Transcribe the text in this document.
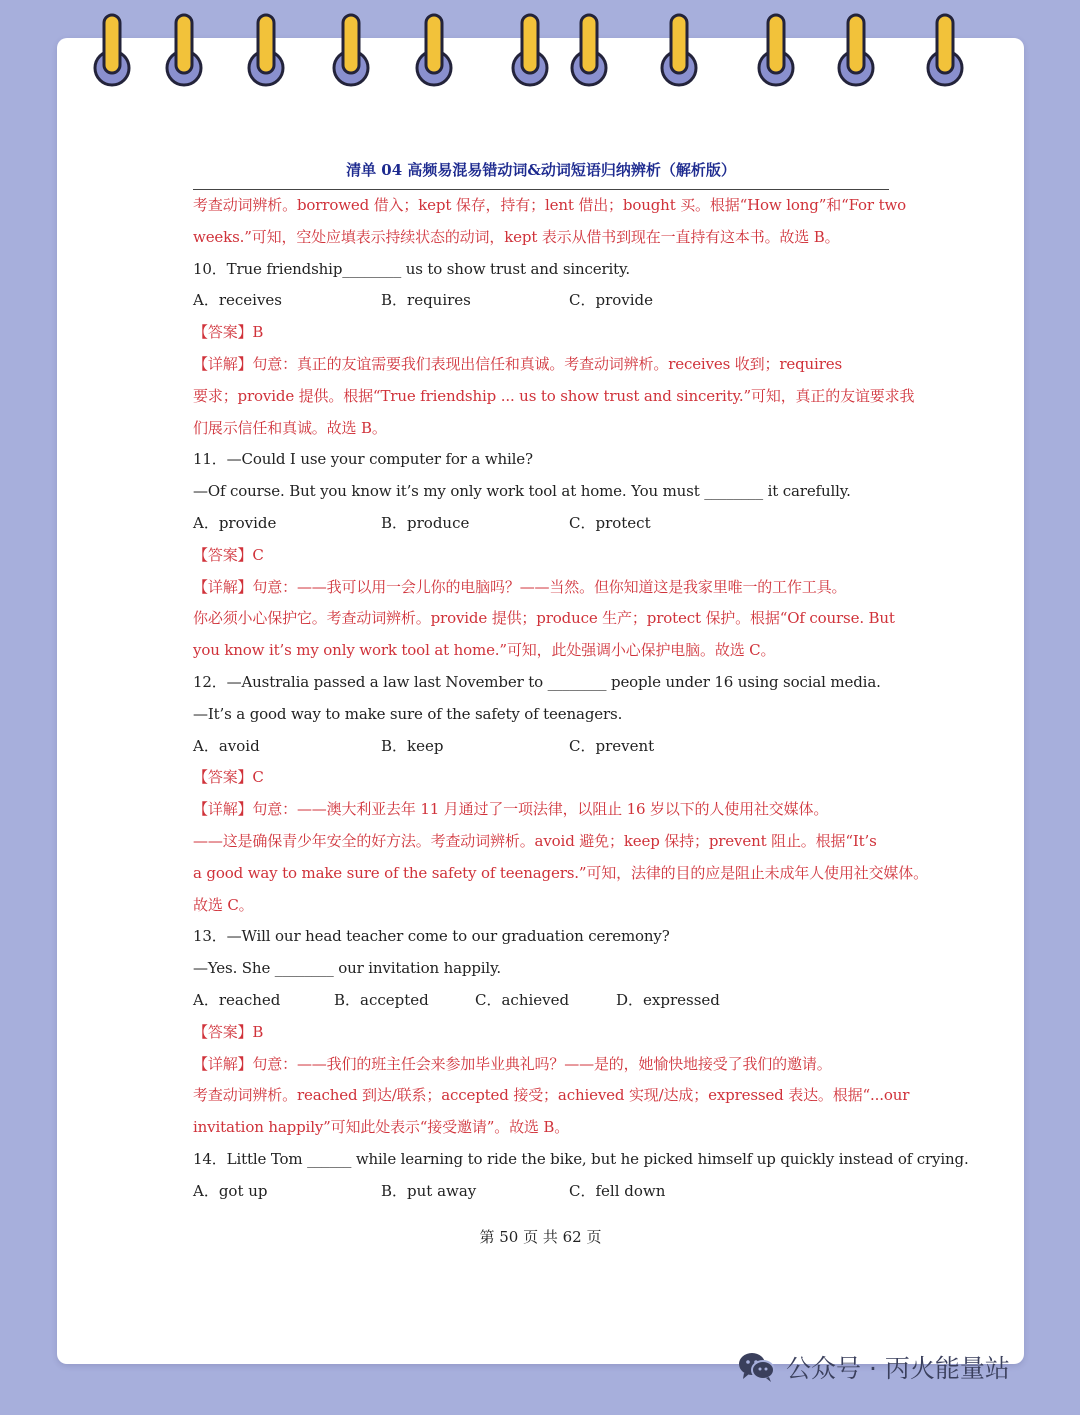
清单 04 高频易混易错动词&动词短语归纳辨析（解析版）
考查动词辨析。borrowed 借入；kept 保存，持有；lent 借出；bought 买。根据“How long”和“For two
weeks.”可知，空处应填表示持续状态的动词，kept 表示从借书到现在一直持有这本书。故选 B。
10．True friendship________ us to show trust and sincerity.
A．receives	B．requires	C．provide
【答案】B
【详解】句意：真正的友谊需要我们表现出信任和真诚。考查动词辨析。receives 收到；requires
要求；provide 提供。根据“True friendship ... us to show trust and sincerity.”可知，真正的友谊要求我
们展示信任和真诚。故选 B。
11．—Could I use your computer for a while?
—Of course. But you know it’s my only work tool at home. You must ________ it carefully.
A．provide	B．produce	C．protect
【答案】C
【详解】句意：——我可以用一会儿你的电脑吗？——当然。但你知道这是我家里唯一的工作工具。
你必须小心保护它。考查动词辨析。provide 提供；produce 生产；protect 保护。根据“Of course. But
you know it’s my only work tool at home.”可知，此处强调小心保护电脑。故选 C。
12．—Australia passed a law last November to ________ people under 16 using social media.
—It’s a good way to make sure of the safety of teenagers.
A．avoid	B．keep	C．prevent
【答案】C
【详解】句意：——澳大利亚去年 11 月通过了一项法律，以阻止 16 岁以下的人使用社交媒体。
——这是确保青少年安全的好方法。考查动词辨析。avoid 避免；keep 保持；prevent 阻止。根据“It’s
a good way to make sure of the safety of teenagers.”可知，法律的目的应是阻止未成年人使用社交媒体。
故选 C。
13．—Will our head teacher come to our graduation ceremony?
—Yes. She ________ our invitation happily.
A．reached	B．accepted	C．achieved	D．expressed
【答案】B
【详解】句意：——我们的班主任会来参加毕业典礼吗？——是的，她愉快地接受了我们的邀请。
考查动词辨析。reached 到达/联系；accepted 接受；achieved 实现/达成；expressed 表达。根据“...our
invitation happily”可知此处表示“接受邀请”。故选 B。
14．Little Tom ______ while learning to ride the bike, but he picked himself up quickly instead of crying.
A．got up	B．put away	C．fell down
第 50 页 共 62 页
公众号 · 丙火能量站
